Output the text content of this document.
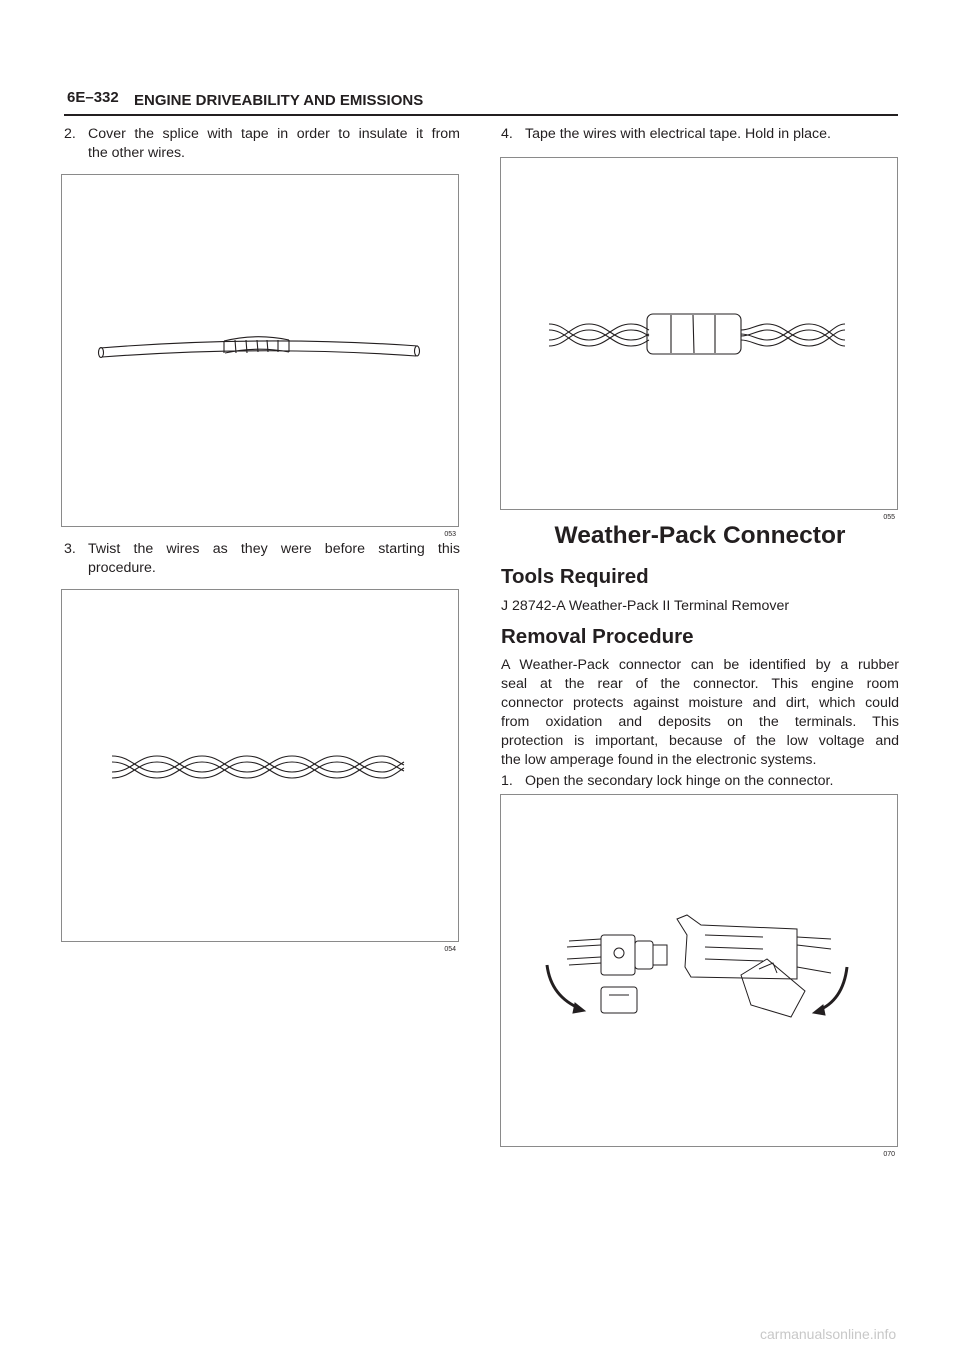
6E–332 ENGINE DRIVEABILITY AND EMISSIONS
2. Cover the splice with tape in order to insulate it from
the other wires.
053
3. Twist the wires as they were before starting this
procedure.
054
4. Tape the wires with electrical tape. Hold in place.
055
Weather-Pack Connector
Tools Required
J 28742-A Weather-Pack II Terminal Remover
Removal Procedure
A Weather-Pack connector can be identified by a rubber
seal at the rear of the connector. This engine room
connector protects against moisture and dirt, which could
from oxidation and deposits on the terminals. This
protection is important, because of the low voltage and
the low amperage found in the electronic systems.
1. Open the secondary lock hinge on the connector.
070
carmanualsonline.info
